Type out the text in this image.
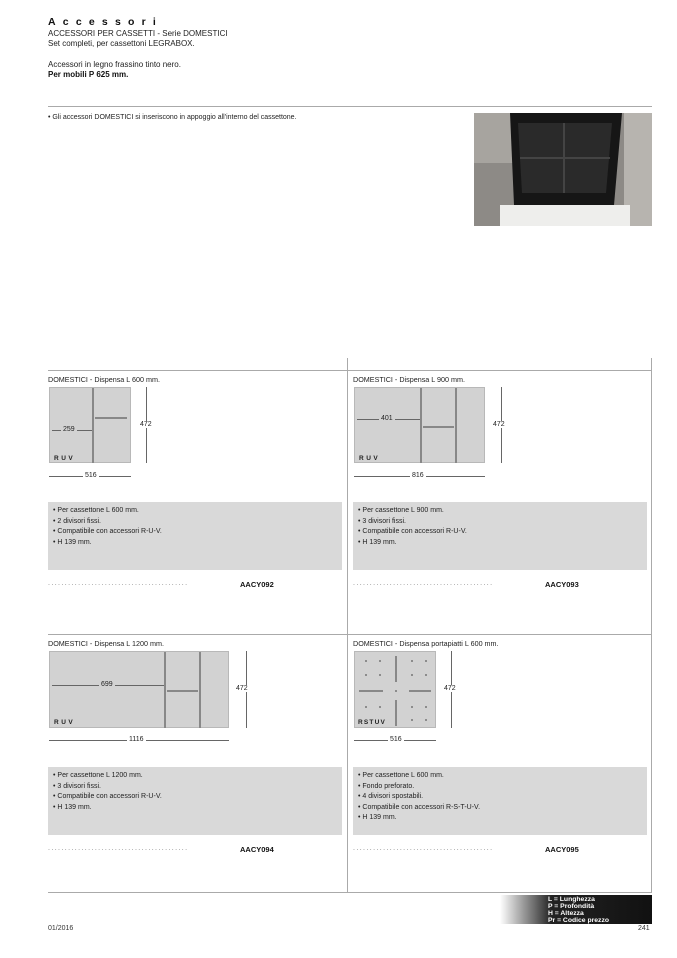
Accessori
ACCESSORI PER CASSETTI - Serie DOMESTICI
Set completi, per cassettoni LEGRABOX.
Accessori in legno frassino tinto nero.
Per mobili P 625 mm.
• Gli accessori DOMESTICI si inseriscono in appoggio all'interno del cassettone.
DOMESTICI - Dispensa L 600 mm.
259
RUV
472
516
• Per cassettone L 600 mm.
• 2 divisori fissi.
• Compatibile con accessori R-U-V.
• H 139 mm.
..........................................	AACY092
DOMESTICI - Dispensa L 900 mm.
401
RUV
472
816
• Per cassettone L 900 mm.
• 3 divisori fissi.
• Compatibile con accessori R-U-V.
• H 139 mm.
..........................................	AACY093
DOMESTICI - Dispensa L 1200 mm.
699
RUV
472
1116
• Per cassettone L 1200 mm.
• 3 divisori fissi.
• Compatibile con accessori R-U-V.
• H 139 mm.
..........................................	AACY094
DOMESTICI - Dispensa portapiatti L 600 mm.
RSTUV
472
516
• Per cassettone L 600 mm.
• Fondo preforato.
• 4 divisori spostabili.
• Compatibile con accessori R-S-T-U-V.
• H 139 mm.
..........................................	AACY095
L = Lunghezza
P = Profondità
H = Altezza
Pr = Codice prezzo
01/2016	241
